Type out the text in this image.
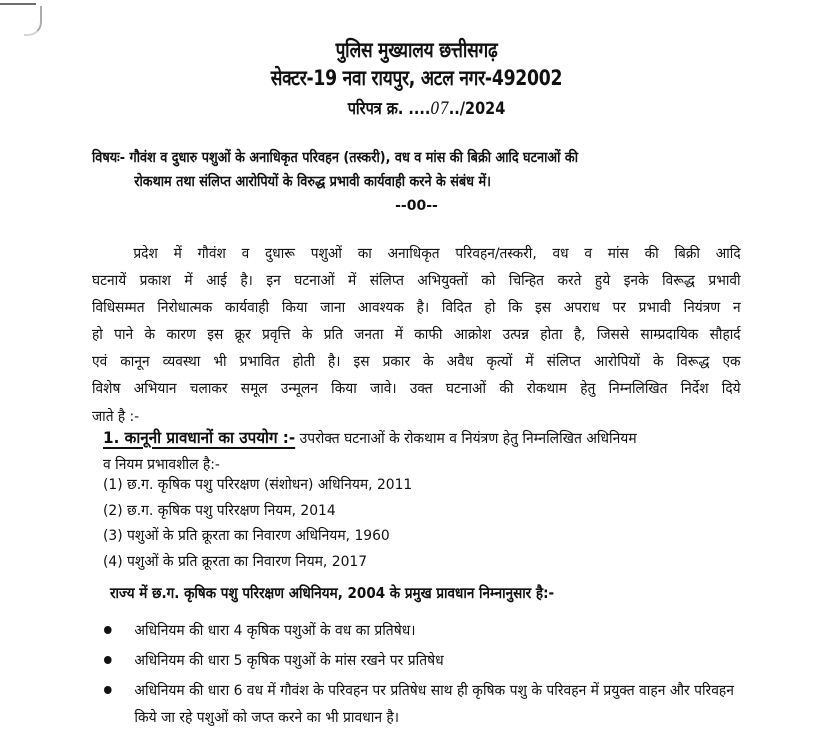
पुलिस मुख्यालय छत्तीसगढ़
सेक्टर-19 नवा रायपुर, अटल नगर-492002
परिपत्र क्र. ....07../2024
विषयः- गौवंश व दुधारु पशुओं के अनाधिकृत परिवहन (तस्करी), वध व मांस की बिक्री आदि घटनाओं की
रोकथाम तथा संलिप्त आरोपियों के विरुद्ध प्रभावी कार्यवाही करने के संबंध में।
--00--
प्रदेश में गौवंश व दुधारू पशुओं का अनाधिकृत परिवहन/तस्करी, वध व मांस की बिक्री आदि
घटनायें प्रकाश में आई है। इन घटनाओं में संलिप्त अभियुक्तों को चिन्हित करते हुये इनके विरूद्ध प्रभावी
विधिसम्मत निरोधात्मक कार्यवाही किया जाना आवश्यक है। विदित हो कि इस अपराध पर प्रभावी नियंत्रण न
हो पाने के कारण इस क्रूर प्रवृत्ति के प्रति जनता में काफी आक्रोश उत्पन्न होता है, जिससे साम्प्रदायिक सौहार्द
एवं कानून व्यवस्था भी प्रभावित होती है। इस प्रकार के अवैध कृत्यों में संलिप्त आरोपियों के विरूद्ध एक
विशेष अभियान चलाकर समूल उन्मूलन किया जावे। उक्त घटनाओं की रोकथाम हेतु निम्नलिखित निर्देश दिये
जाते है :-
1. कानूनी प्रावधानों का उपयोग :- उपरोक्त घटनाओं के रोकथाम व नियंत्रण हेतु निम्नलिखित अधिनियम
व नियम प्रभावशील है:-
(1) छ.ग. कृषिक पशु परिरक्षण (संशोधन) अधिनियम, 2011
(2) छ.ग. कृषिक पशु परिरक्षण नियम, 2014
(3) पशुओं के प्रति क्रूरता का निवारण अधिनियम, 1960
(4) पशुओं के प्रति क्रूरता का निवारण नियम, 2017
राज्य में छ.ग. कृषिक पशु परिरक्षण अधिनियम, 2004 के प्रमुख प्रावधान निम्नानुसार है:-
अधिनियम की धारा 4 कृषिक पशुओं के वध का प्रतिषेध।
अधिनियम की धारा 5 कृषिक पशुओं के मांस रखने पर प्रतिषेध
अधिनियम की धारा 6 वध में गौवंश के परिवहन पर प्रतिषेध साथ ही कृषिक पशु के परिवहन में प्रयुक्त वाहन और परिवहन किये जा रहे पशुओं को जप्त करने का भी प्रावधान है।
